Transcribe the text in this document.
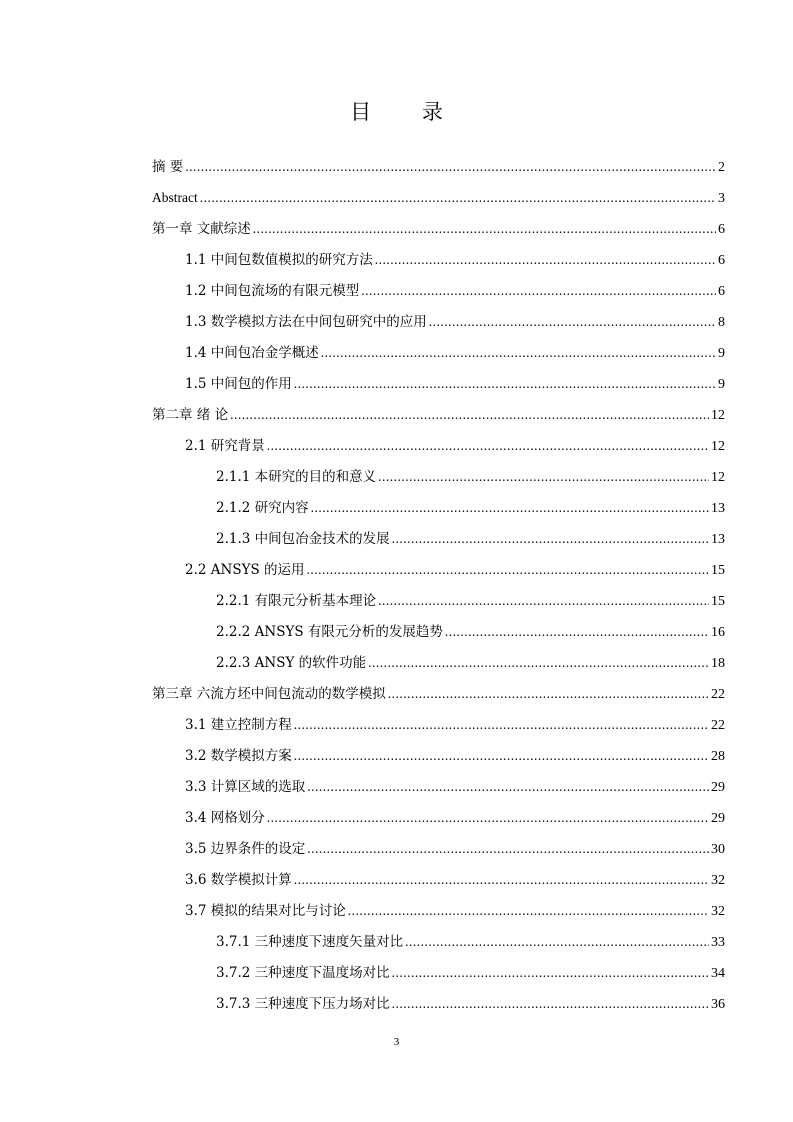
目 录
摘 要 .....	2
Abstract .....	3
第一章 文献综述 .....	6
1.1 中间包数值模拟的研究方法 .....	6
1.2 中间包流场的有限元模型 .....	6
1.3 数学模拟方法在中间包研究中的应用 .....	8
1.4 中间包冶金学概述 .....	9
1.5 中间包的作用 .....	9
第二章 绪 论 .....	12
2.1 研究背景 .....	12
2.1.1 本研究的目的和意义 .....	12
2.1.2 研究内容 .....	13
2.1.3 中间包冶金技术的发展 .....	13
2.2 ANSYS 的运用 .....	15
2.2.1 有限元分析基本理论 .....	15
2.2.2 ANSYS 有限元分析的发展趋势 .....	16
2.2.3 ANSY 的软件功能 .....	18
第三章 六流方坯中间包流动的数学模拟 .....	22
3.1 建立控制方程 .....	22
3.2 数学模拟方案 .....	28
3.3 计算区域的选取 .....	29
3.4 网格划分 .....	29
3.5 边界条件的设定 .....	30
3.6 数学模拟计算 .....	32
3.7 模拟的结果对比与讨论 .....	32
3.7.1 三种速度下速度矢量对比 .....	33
3.7.2 三种速度下温度场对比 .....	34
3.7.3 三种速度下压力场对比 .....	36
3
